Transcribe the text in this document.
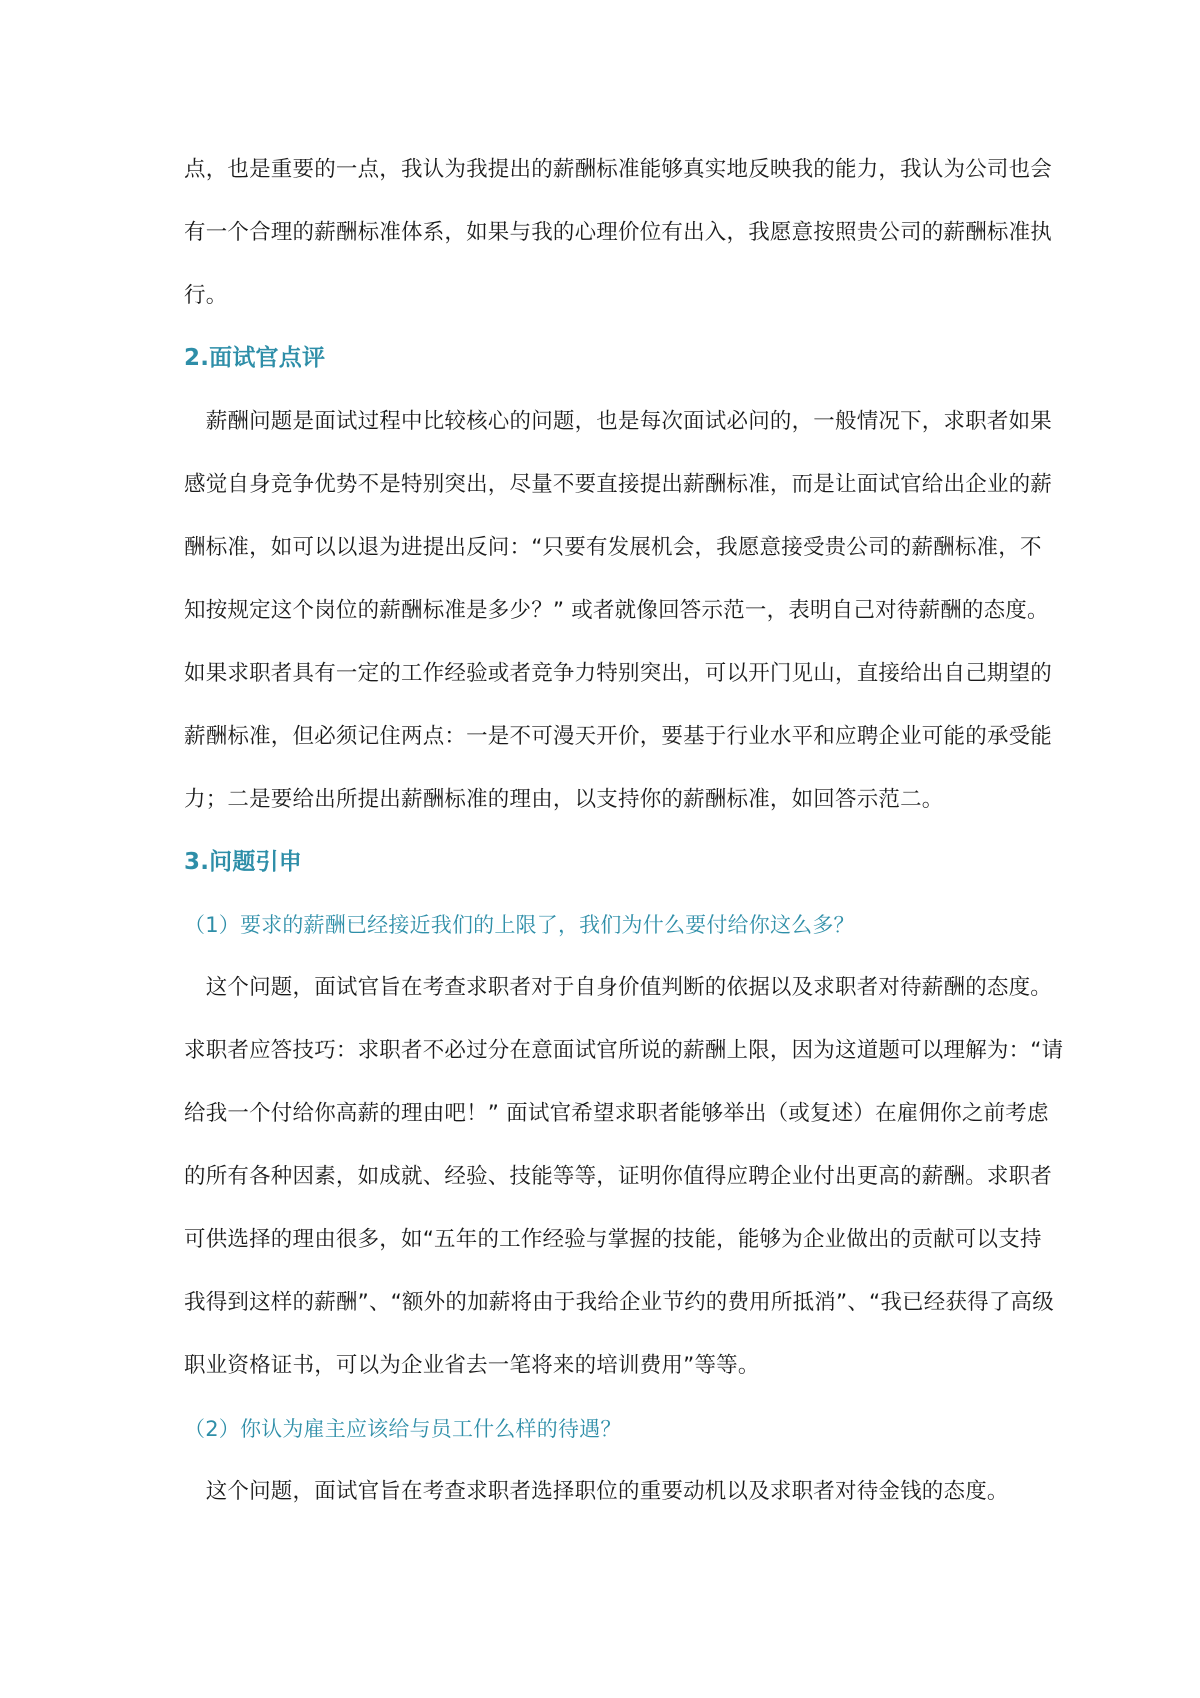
点，也是重要的一点，我认为我提出的薪酬标准能够真实地反映我的能力，我认为公司也会
有一个合理的薪酬标准体系，如果与我的心理价位有出入，我愿意按照贵公司的薪酬标准执
行。
2.面试官点评
　薪酬问题是面试过程中比较核心的问题，也是每次面试必问的，一般情况下，求职者如果
感觉自身竞争优势不是特别突出，尽量不要直接提出薪酬标准，而是让面试官给出企业的薪
酬标准，如可以以退为进提出反问：“只要有发展机会，我愿意接受贵公司的薪酬标准，不
知按规定这个岗位的薪酬标准是多少？” 或者就像回答示范一，表明自己对待薪酬的态度。
如果求职者具有一定的工作经验或者竞争力特别突出，可以开门见山，直接给出自己期望的
薪酬标准，但必须记住两点：一是不可漫天开价，要基于行业水平和应聘企业可能的承受能
力；二是要给出所提出薪酬标准的理由，以支持你的薪酬标准，如回答示范二。
3.问题引申
（1）要求的薪酬已经接近我们的上限了，我们为什么要付给你这么多？
　这个问题，面试官旨在考查求职者对于自身价值判断的依据以及求职者对待薪酬的态度。
求职者应答技巧：求职者不必过分在意面试官所说的薪酬上限，因为这道题可以理解为：“请
给我一个付给你高薪的理由吧！” 面试官希望求职者能够举出（或复述）在雇佣你之前考虑
的所有各种因素，如成就、经验、技能等等，证明你值得应聘企业付出更高的薪酬。求职者
可供选择的理由很多，如“五年的工作经验与掌握的技能，能够为企业做出的贡献可以支持
我得到这样的薪酬”、“额外的加薪将由于我给企业节约的费用所抵消”、“我已经获得了高级
职业资格证书，可以为企业省去一笔将来的培训费用”等等。
（2）你认为雇主应该给与员工什么样的待遇？
　这个问题，面试官旨在考查求职者选择职位的重要动机以及求职者对待金钱的态度。
